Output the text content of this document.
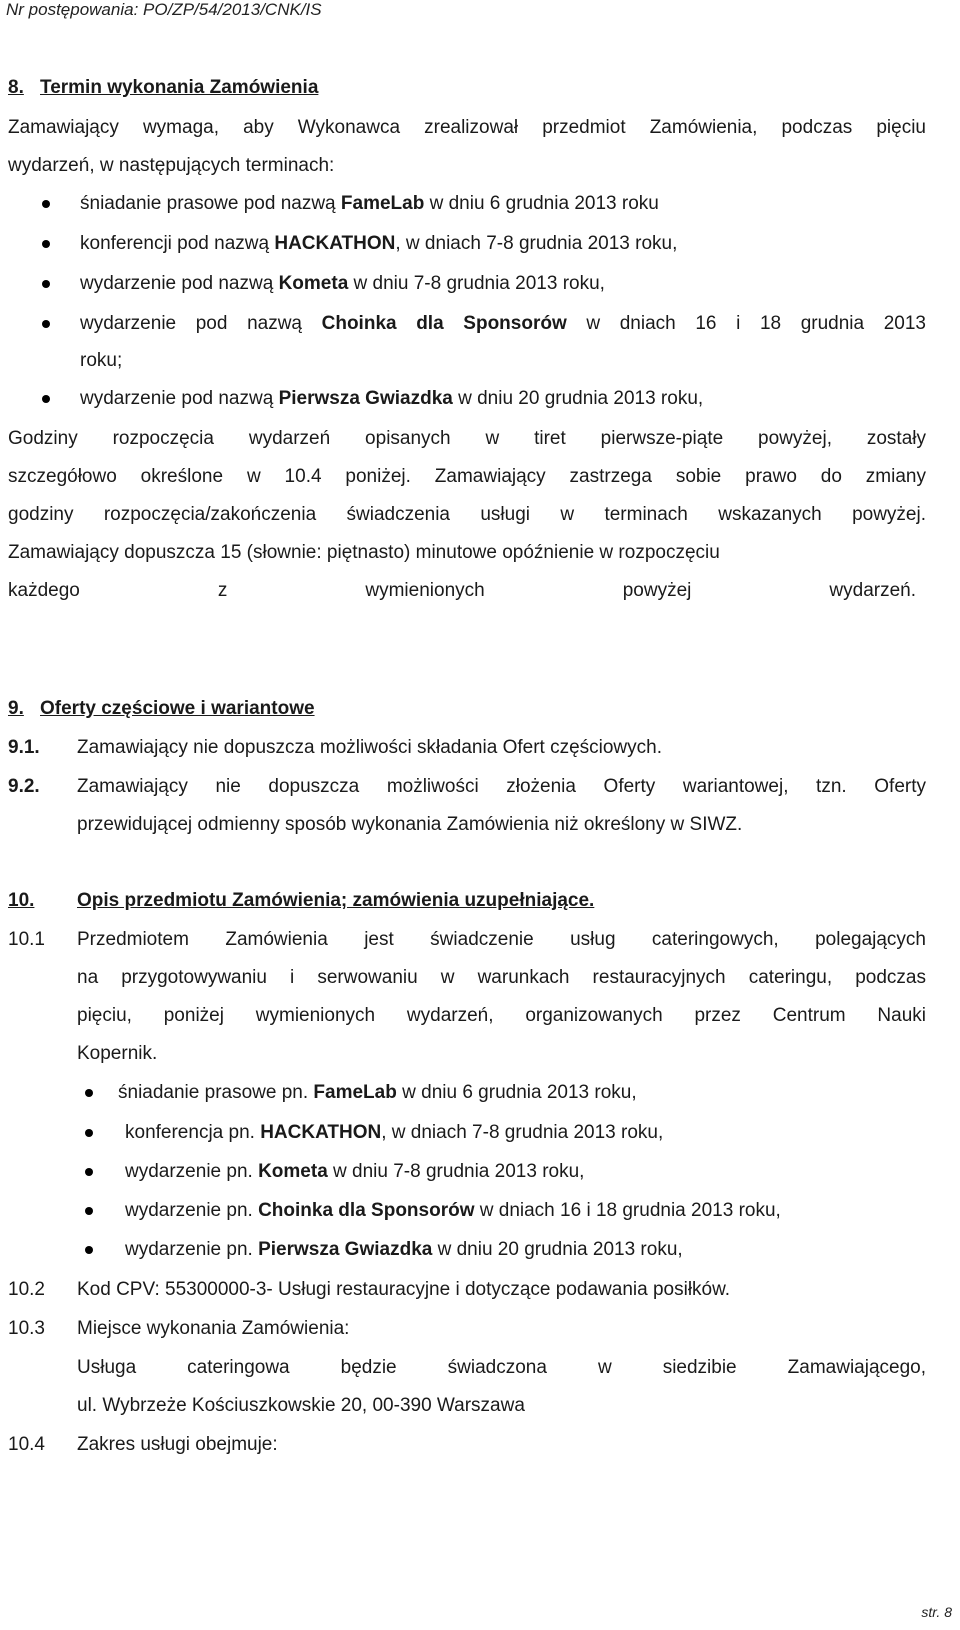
Nr postępowania: PO/ZP/54/2013/CNK/IS
8. Termin wykonania Zamówienia
Zamawiający wymaga, aby Wykonawca zrealizował przedmiot Zamówienia, podczas pięciu
wydarzeń, w następujących terminach:
śniadanie prasowe pod nazwą FameLab w dniu 6 grudnia 2013 roku
konferencji pod nazwą HACKATHON, w dniach 7-8 grudnia 2013 roku,
wydarzenie pod nazwą Kometa w dniu 7-8 grudnia 2013 roku,
wydarzenie pod nazwą Choinka dla Sponsorów w dniach 16 i 18 grudnia 2013
roku;
wydarzenie pod nazwą Pierwsza Gwiazdka w dniu 20 grudnia 2013 roku,
Godziny rozpoczęcia wydarzeń opisanych w tiret pierwsze-piąte powyżej, zostały
szczegółowo określone w 10.4 poniżej. Zamawiający zastrzega sobie prawo do zmiany
godziny rozpoczęcia/zakończenia świadczenia usługi w terminach wskazanych powyżej.
Zamawiający dopuszcza 15 (słownie: piętnasto) minutowe opóźnienie w rozpoczęciu
każdego z wymienionych powyżej wydarzeń.
9. Oferty częściowe i wariantowe
9.1. Zamawiający nie dopuszcza możliwości składania Ofert częściowych.
9.2. Zamawiający nie dopuszcza możliwości złożenia Oferty wariantowej, tzn. Oferty
przewidującej odmienny sposób wykonania Zamówienia niż określony w SIWZ.
10. Opis przedmiotu Zamówienia; zamówienia uzupełniające.
10.1 Przedmiotem Zamówienia jest świadczenie usług cateringowych, polegających
na przygotowywaniu i serwowaniu w warunkach restauracyjnych cateringu, podczas
pięciu, poniżej wymienionych wydarzeń, organizowanych przez Centrum Nauki
Kopernik.
śniadanie prasowe pn. FameLab w dniu 6 grudnia 2013 roku,
konferencja pn. HACKATHON, w dniach 7-8 grudnia 2013 roku,
wydarzenie pn. Kometa w dniu 7-8 grudnia 2013 roku,
wydarzenie pn. Choinka dla Sponsorów w dniach 16 i 18 grudnia 2013 roku,
wydarzenie pn. Pierwsza Gwiazdka w dniu 20 grudnia 2013 roku,
10.2 Kod CPV: 55300000-3- Usługi restauracyjne i dotyczące podawania posiłków.
10.3 Miejsce wykonania Zamówienia:
Usługa cateringowa będzie świadczona w siedzibie Zamawiającego,
ul. Wybrzeże Kościuszkowskie 20, 00-390 Warszawa
10.4 Zakres usługi obejmuje:
str. 8
